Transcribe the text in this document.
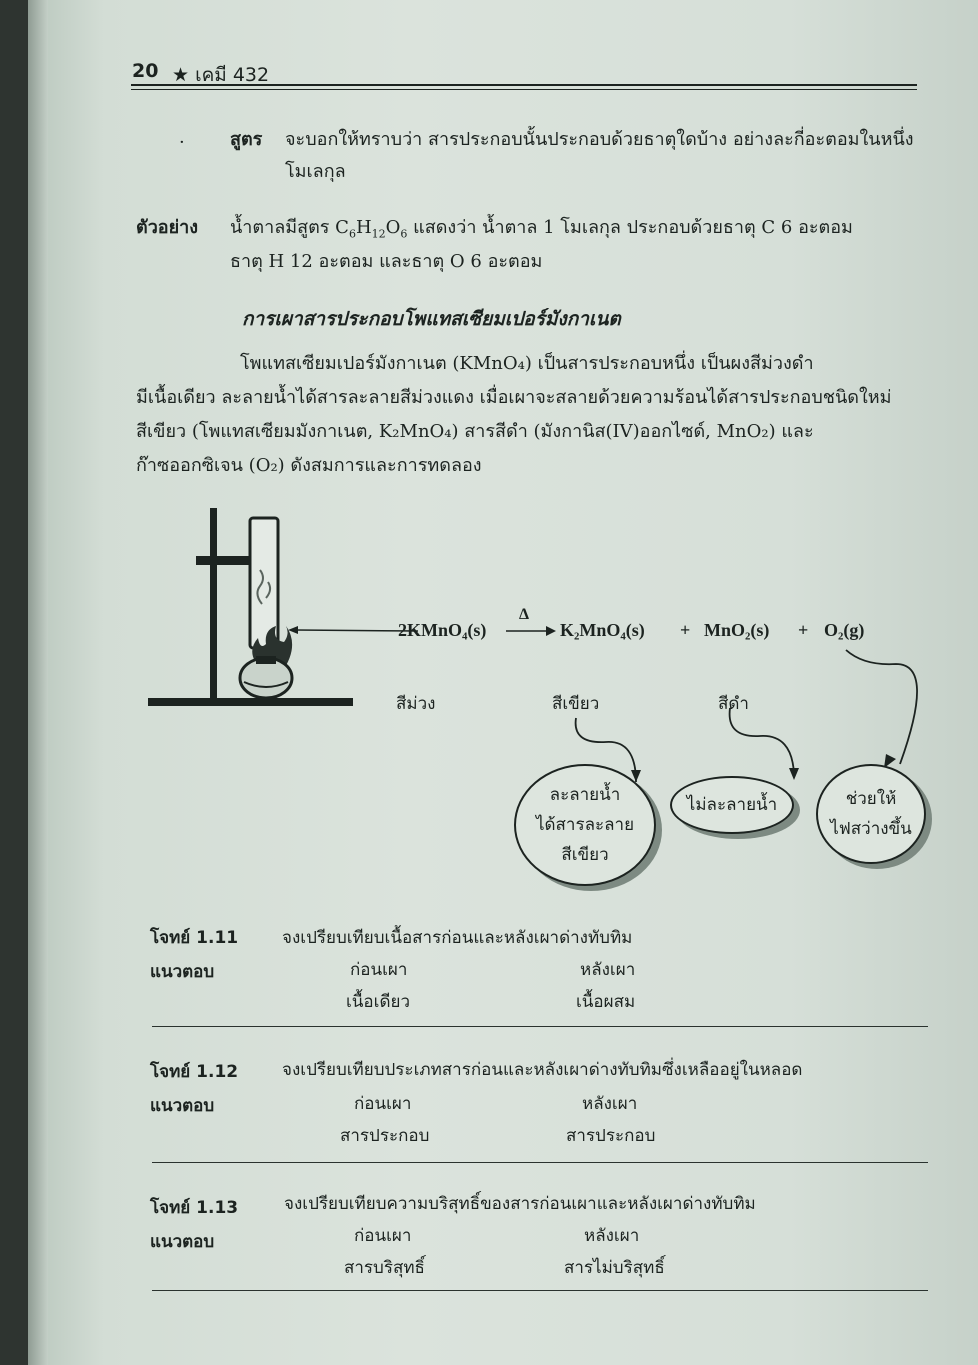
20 ★ เคมี 432
·	สูตร จะบอกให้ทราบว่า สารประกอบนั้นประกอบด้วยธาตุใดบ้าง อย่างละกี่อะตอมในหนึ่ง
โมเลกุล
ตัวอย่าง น้ำตาลมีสูตร $C_6H_{12}O_6$ แสดงว่า น้ำตาล 1 โมเลกุล ประกอบด้วยธาตุ C 6 อะตอม
ธาตุ H 12 อะตอม และธาตุ O 6 อะตอม
การเผาสารประกอบโพแทสเซียมเปอร์มังกาเนต
โพแทสเซียมเปอร์มังกาเนต (KMnO₄) เป็นสารประกอบหนึ่ง เป็นผงสีม่วงดำ
มีเนื้อเดียว ละลายน้ำได้สารละลายสีม่วงแดง เมื่อเผาจะสลายด้วยความร้อนได้สารประกอบชนิดใหม่
สีเขียว (โพแทสเซียมมังกาเนต, K₂MnO₄) สารสีดำ (มังกานิส(IV)ออกไซด์, MnO₂) และ
ก๊าซออกซิเจน (O₂) ดังสมการและการทดลอง
2KMnO₄(s)
Δ
→ K₂MnO₄(s) + MnO₂(s) + O₂(g)
สีม่วง	สีเขียว	สีดำ
ละลายน้ำ
ได้สารละลาย
สีเขียว
ไม่ละลายน้ำ	ช่วยให้
ไฟสว่างขึ้น
โจทย์ 1.11	จงเปรียบเทียบเนื้อสารก่อนและหลังเผาด่างทับทิม
แนวตอบ	ก่อนเผา	หลังเผา
เนื้อเดียว	เนื้อผสม
โจทย์ 1.12	จงเปรียบเทียบประเภทสารก่อนและหลังเผาด่างทับทิมซึ่งเหลืออยู่ในหลอด
แนวตอบ	ก่อนเผา	หลังเผา
สารประกอบ	สารประกอบ
โจทย์ 1.13	จงเปรียบเทียบความบริสุทธิ์ของสารก่อนเผาและหลังเผาด่างทับทิม
แนวตอบ	ก่อนเผา	หลังเผา
สารบริสุทธิ์	สารไม่บริสุทธิ์
